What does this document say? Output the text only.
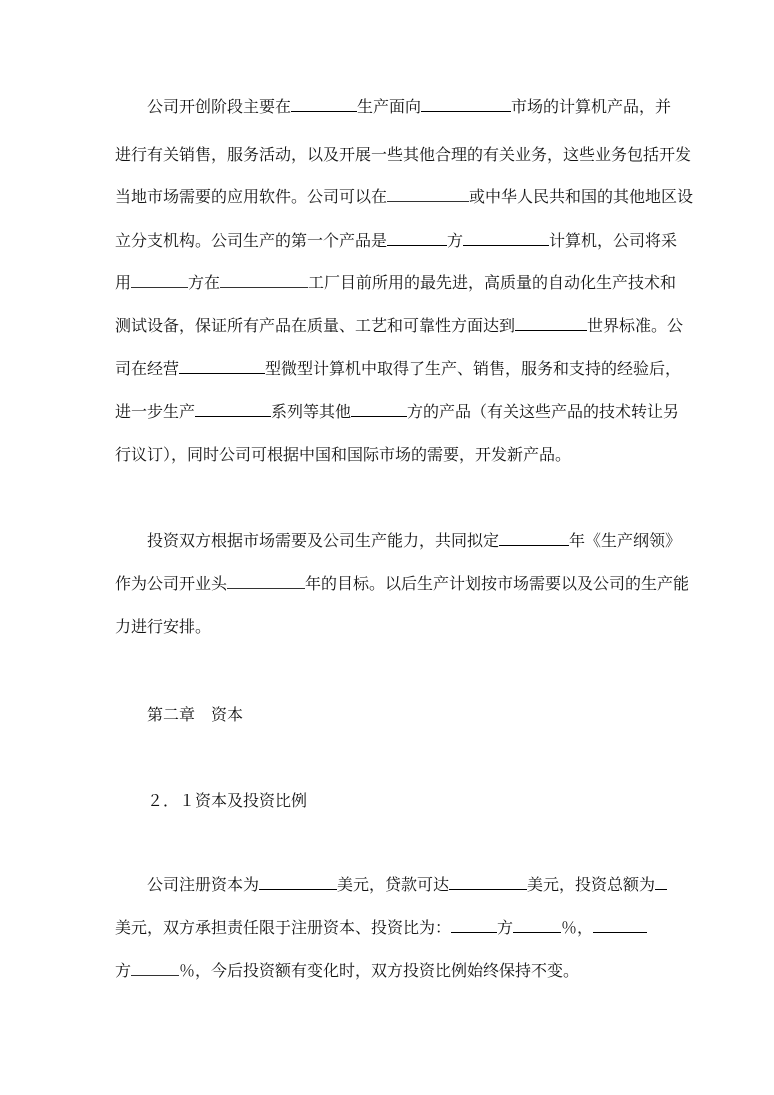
公司开创阶段主要在	生产面向	市场的计算机产品，并
进行有关销售，服务活动，以及开展一些其他合理的有关业务，这些业务包括开发
当地市场需要的应用软件。公司可以在	或中华人民共和国的其他地区设
立分支机构。公司生产的第一个产品是	方	计算机，公司将采
用	方在	工厂目前所用的最先进，高质量的自动化生产技术和
测试设备，保证所有产品在质量、工艺和可靠性方面达到	世界标准。公
司在经营	型微型计算机中取得了生产、销售，服务和支持的经验后，
进一步生产	系列等其他	方的产品（有关这些产品的技术转让另
行议订），同时公司可根据中国和国际市场的需要，开发新产品。
投资双方根据市场需要及公司生产能力，共同拟定	年《生产纲领》
作为公司开业头	年的目标。以后生产计划按市场需要以及公司的生产能
力进行安排。
第二章　资本
２．１资本及投资比例
公司注册资本为	美元，贷款可达	美元，投资总额为
美元，双方承担责任限于注册资本、投资比为：	方	％，
方	％，今后投资额有变化时，双方投资比例始终保持不变。
